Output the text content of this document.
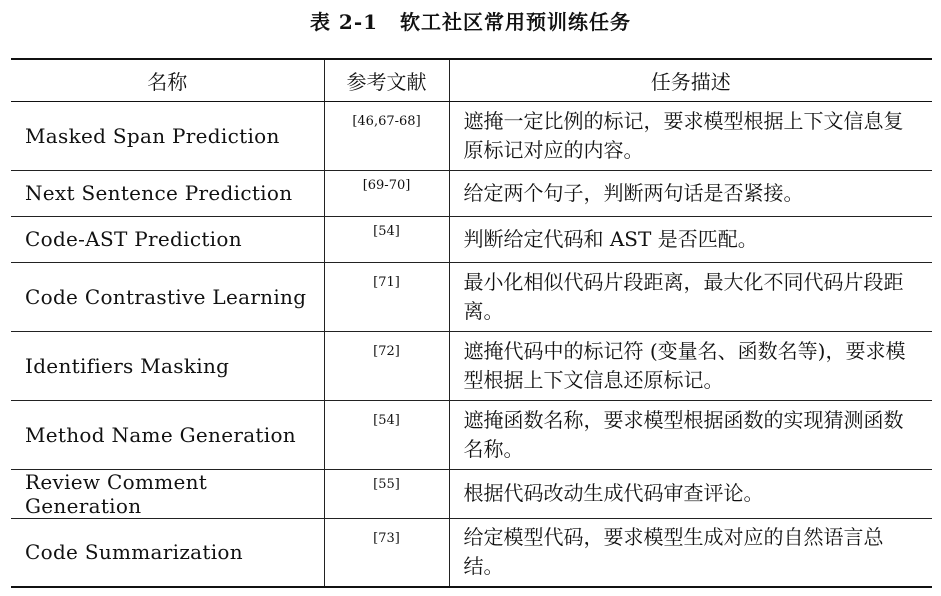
表 2-1 软工社区常用预训练任务
名称	参考文献	任务描述
Masked Span Prediction	[46,67-68]	遮掩一定比例的标记，要求模型根据上下文信息复原标记对应的内容。
Next Sentence Prediction	[69-70]	给定两个句子，判断两句话是否紧接。
Code-AST Prediction	[54]	判断给定代码和 AST 是否匹配。
Code Contrastive Learning	[71]	最小化相似代码片段距离，最大化不同代码片段距离。
Identifiers Masking	[72]	遮掩代码中的标记符 (变量名、函数名等)，要求模型根据上下文信息还原标记。
Method Name Generation	[54]	遮掩函数名称，要求模型根据函数的实现猜测函数名称。
Review Comment Generation	[55]	根据代码改动生成代码审查评论。
Code Summarization	[73]	给定模型代码，要求模型生成对应的自然语言总结。
